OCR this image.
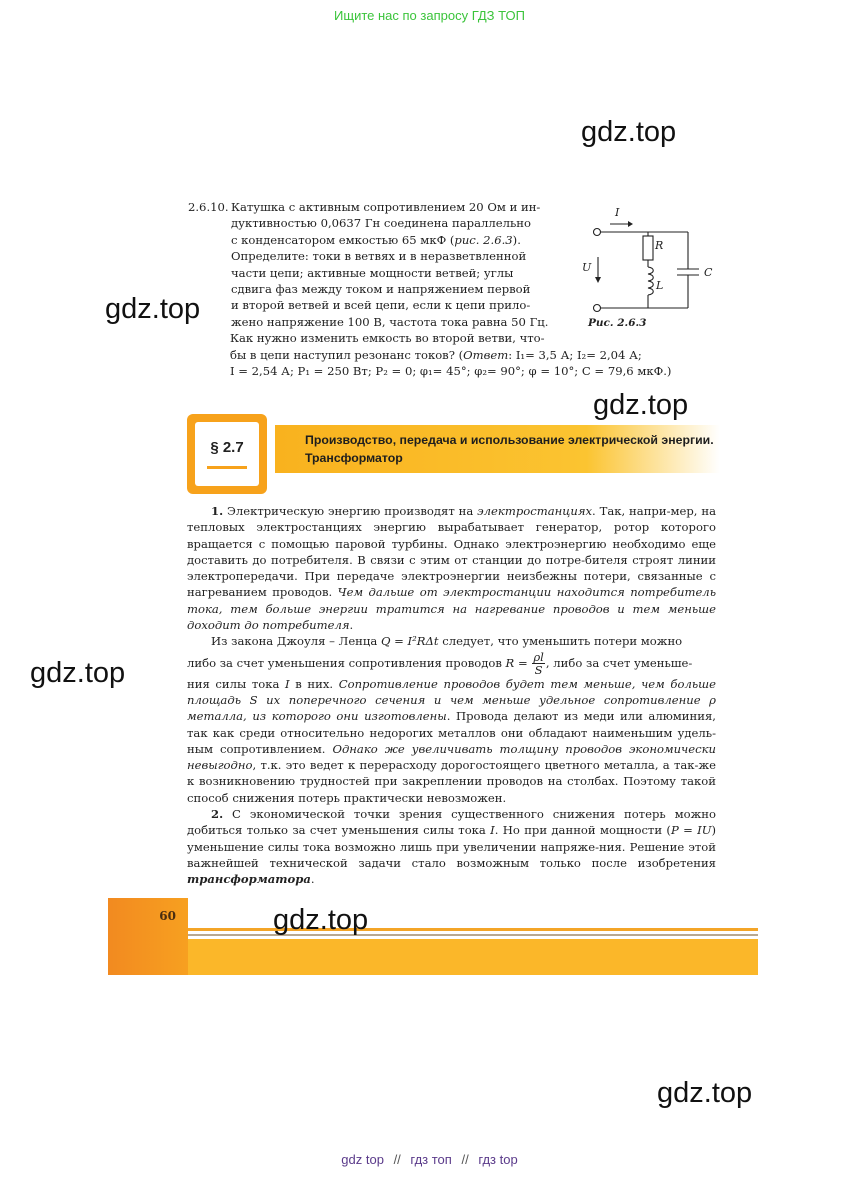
Ищите нас по запросу ГДЗ ТОП
gdz.top
gdz.top
gdz.top
gdz.top
gdz.top
gdz.top
2.6.10. Катушка с активным сопротивлением 20 Ом и ин-
дуктивностью 0,0637 Гн соединена параллельно
с конденсатором емкостью 65 мкФ (рис. 2.6.3).
Определите: токи в ветвях и в неразветвленной
части цепи; активные мощности ветвей; углы
сдвига фаз между током и напряжением первой
и второй ветвей и всей цепи, если к цепи прило-
жено напряжение 100 В, частота тока равна 50 Гц.
Как нужно изменить емкость во второй ветви, что-
бы в цепи наступил резонанс токов? (Ответ: I₁= 3,5 А; I₂= 2,04 А;
I = 2,54 А; P₁ = 250 Вт; P₂ = 0; φ₁= 45°; φ₂= 90°; φ = 10°; C = 79,6 мкФ.)
I
U
R
L
C
Рис. 2.6.3
§ 2.7	Производство, передача и использование электрической энергии. Трансформатор

1. Электрическую энергию производят на электростанциях. Так, напри-мер, на тепловых электростанциях энергию вырабатывает генератор, ротор которого вращается с помощью паровой турбины. Однако электроэнергию необходимо еще доставить до потребителя. В связи с этим от станции до потре-бителя строят линии электропередачи. При передаче электроэнергии неизбежны потери, связанные с нагреванием проводов. Чем дальше от электростанции находится потребитель тока, тем больше энергии тратится на нагревание проводов и тем меньше доходит до потребителя.

Из закона Джоуля – Ленца Q = I²RΔt следует, что уменьшить потери можно

либо за счет уменьшения сопротивления проводов $R = \frac{\rho l}{S}$ , либо за счет уменьше-
ния силы тока I в них. Сопротивление проводов будет тем меньше, чем больше площадь S их поперечного сечения и чем меньше удельное сопротивление ρ металла, из которого они изготовлены. Провода делают из меди или алюминия, так как среди относительно недорогих металлов они обладают наименьшим удель-ным сопротивлением. Однако же увеличивать толщину проводов экономически невыгодно, т.к. это ведет к перерасходу дорогостоящего цветного металла, а так-же к возникновению трудностей при закреплении проводов на столбах. Поэтому такой способ снижения потерь практически невозможен.

2. С экономической точки зрения существенного снижения потерь можно добиться только за счет уменьшения силы тока I. Но при данной мощности (P = IU) уменьшение силы тока возможно лишь при увеличении напряже-ния. Решение этой важнейшей технической задачи стало возможным только после изобретения трансформатора.

60
gdz top // гдз топ // гдз top
